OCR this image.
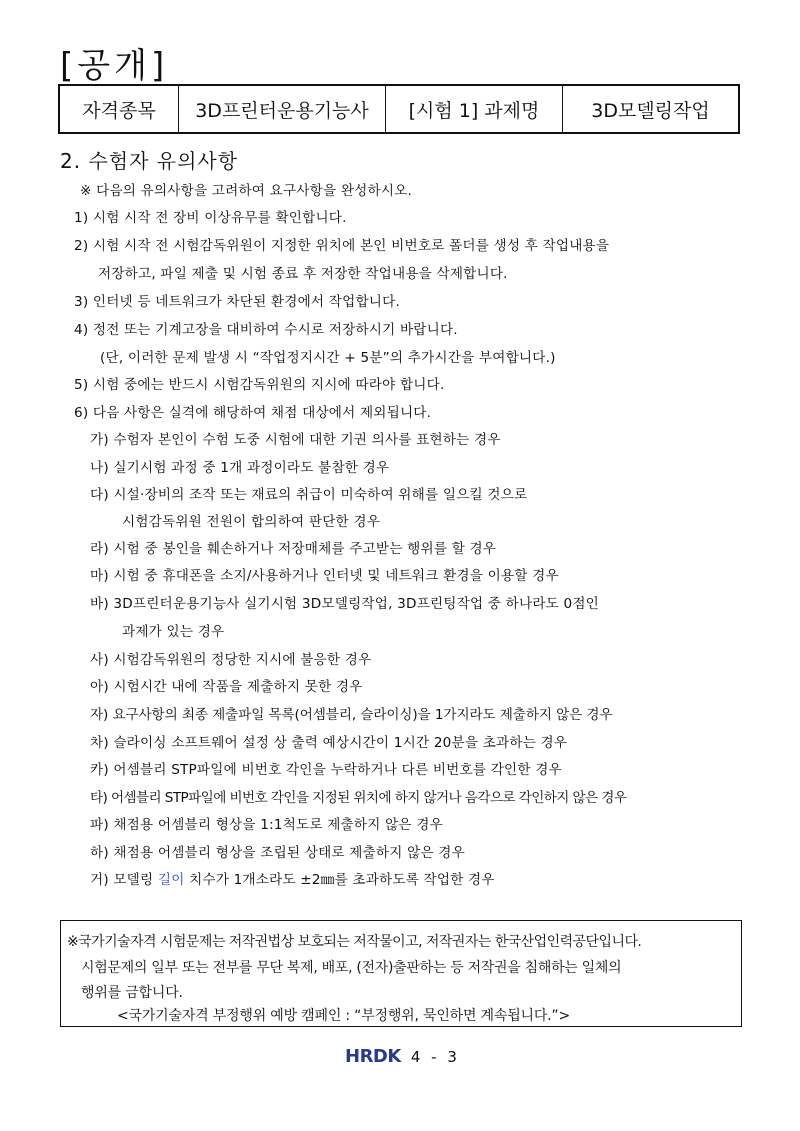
[공개]
자격종목	3D프린터운용기능사	[시험 1] 과제명	3D모델링작업
2. 수험자 유의사항
※ 다음의 유의사항을 고려하여 요구사항을 완성하시오.
1) 시험 시작 전 장비 이상유무를 확인합니다.
2) 시험 시작 전 시험감독위원이 지정한 위치에 본인 비번호로 폴더를 생성 후 작업내용을
저장하고, 파일 제출 및 시험 종료 후 저장한 작업내용을 삭제합니다.
3) 인터넷 등 네트워크가 차단된 환경에서 작업합니다.
4) 정전 또는 기계고장을 대비하여 수시로 저장하시기 바랍니다.
(단, 이러한 문제 발생 시 “작업정지시간 + 5분”의 추가시간을 부여합니다.)
5) 시험 중에는 반드시 시험감독위원의 지시에 따라야 합니다.
6) 다음 사항은 실격에 해당하여 채점 대상에서 제외됩니다.
가) 수험자 본인이 수험 도중 시험에 대한 기권 의사를 표현하는 경우
나) 실기시험 과정 중 1개 과정이라도 불참한 경우
다) 시설·장비의 조작 또는 재료의 취급이 미숙하여 위해를 일으킬 것으로
시험감독위원 전원이 합의하여 판단한 경우
라) 시험 중 봉인을 훼손하거나 저장매체를 주고받는 행위를 할 경우
마) 시험 중 휴대폰을 소지/사용하거나 인터넷 및 네트워크 환경을 이용할 경우
바) 3D프린터운용기능사 실기시험 3D모델링작업, 3D프린팅작업 중 하나라도 0점인
과제가 있는 경우
사) 시험감독위원의 정당한 지시에 불응한 경우
아) 시험시간 내에 작품을 제출하지 못한 경우
자) 요구사항의 최종 제출파일 목록(어셈블리, 슬라이싱)을 1가지라도 제출하지 않은 경우
차) 슬라이싱 소프트웨어 설정 상 출력 예상시간이 1시간 20분을 초과하는 경우
카) 어셈블리 STP파일에 비번호 각인을 누락하거나 다른 비번호를 각인한 경우
타) 어셈블리 STP파일에 비번호 각인을 지정된 위치에 하지 않거나 음각으로 각인하지 않은 경우
파) 채점용 어셈블리 형상을 1:1척도로 제출하지 않은 경우
하) 채점용 어셈블리 형상을 조립된 상태로 제출하지 않은 경우
거) 모델링 길이 치수가 1개소라도 ±2㎜를 초과하도록 작업한 경우
※국가기술자격 시험문제는 저작권법상 보호되는 저작물이고, 저작권자는 한국산업인력공단입니다.
시험문제의 일부 또는 전부를 무단 복제, 배포, (전자)출판하는 등 저작권을 침해하는 일체의
행위를 금합니다.
<국가기술자격 부정행위 예방 캠페인 : “부정행위, 묵인하면 계속됩니다.”>
HRDK 4 - 3
